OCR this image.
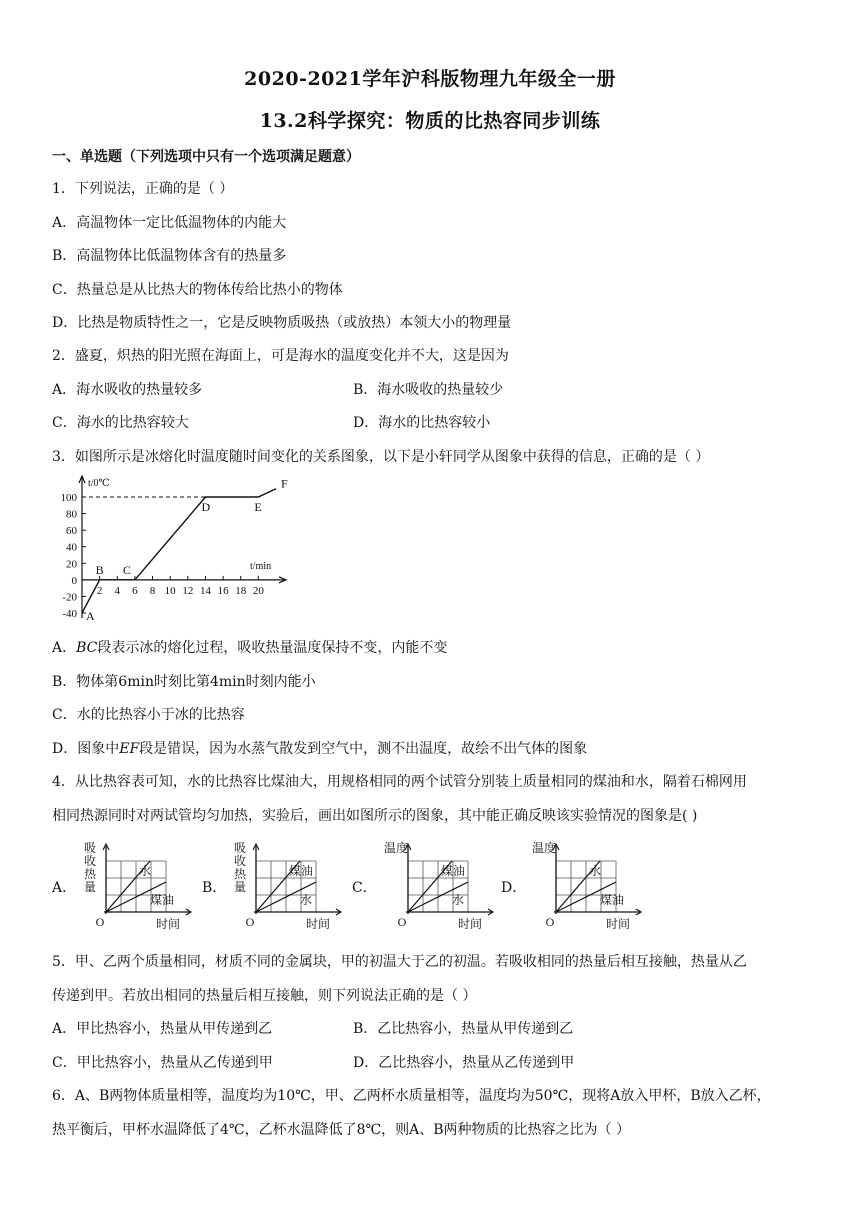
2020-2021学年沪科版物理九年级全一册
13.2科学探究：物质的比热容同步训练
一、单选题（下列选项中只有一个选项满足题意）
1．下列说法，正确的是（ ）
A．高温物体一定比低温物体的内能大
B．高温物体比低温物体含有的热量多
C．热量总是从比热大的物体传给比热小的物体
D．比热是物质特性之一，它是反映物质吸热（或放热）本领大小的物理量
2．盛夏，炽热的阳光照在海面上，可是海水的温度变化并不大，这是因为
A．海水吸收的热量较多	B．海水吸收的热量较少
C．海水的比热容较大	D．海水的比热容较小
3．如图所示是冰熔化时温度随时间变化的关系图象，以下是小轩同学从图象中获得的信息，正确的是（ ）
t/0℃
t/min
100
80
60
40
20
0
-20
-40
2 4 6 8 10 12 14 16 18 20
A
B C
D	E
F
A．BC段表示冰的熔化过程，吸收热量温度保持不变，内能不变
B．物体第6min时刻比第4min时刻内能小
C．水的比热容小于冰的比热容
D．图象中EF段是错误，因为水蒸气散发到空气中，测不出温度，故绘不出气体的图象
4．从比热容表可知，水的比热容比煤油大，用规格相同的两个试管分别装上质量相同的煤油和水，隔着石棉网用
相同热源同时对两试管均匀加热，实验后，画出如图所示的图象，其中能正确反映该实验情况的图象是( )
A．	B．	C．	D．
吸
收
热
量
时间
O
水
煤油
吸
收
热
量
时间
O
煤油
水
温度
时间
O
煤油
水
温度
时间
O
水
煤油
5．甲、乙两个质量相同，材质不同的金属块，甲的初温大于乙的初温。若吸收相同的热量后相互接触，热量从乙
传递到甲。若放出相同的热量后相互接触，则下列说法正确的是（ ）
A．甲比热容小，热量从甲传递到乙	B．乙比热容小，热量从甲传递到乙
C．甲比热容小，热量从乙传递到甲	D．乙比热容小，热量从乙传递到甲
6．A、B两物体质量相等，温度均为10℃，甲、乙两杯水质量相等，温度均为50℃，现将A放入甲杯，B放入乙杯，
热平衡后，甲杯水温降低了4℃，乙杯水温降低了8℃，则A、B两种物质的比热容之比为（ ）
